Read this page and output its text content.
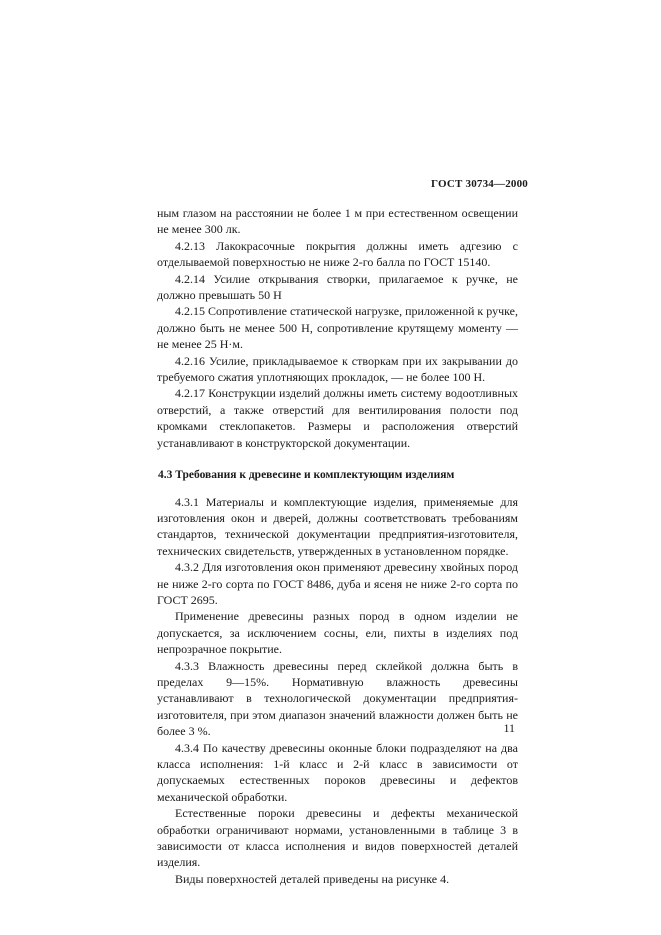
ГОСТ 30734—2000

ным глазом на расстоянии не более 1 м при естественном освещении не менее 300 лк.

4.2.13 Лакокрасочные покрытия должны иметь адгезию с отделываемой поверхностью не ниже 2-го балла по ГОСТ 15140.

4.2.14 Усилие открывания створки, прилагаемое к ручке, не должно превышать 50 Н

4.2.15 Сопротивление статической нагрузке, приложенной к ручке, должно быть не менее 500 Н, сопротивление крутящему моменту — не менее 25 Н·м.

4.2.16 Усилие, прикладываемое к створкам при их закрывании до требуемого сжатия уплотняющих прокладок, — не более 100 Н.

4.2.17 Конструкции изделий должны иметь систему водоотливных отверстий, а также отверстий для вентилирования полости под кромками стеклопакетов. Размеры и расположения отверстий устанавливают в конструкторской документации.

4.3 Требования к древесине и комплектующим изделиям

4.3.1 Материалы и комплектующие изделия, применяемые для изготовления окон и дверей, должны соответствовать требованиям стандартов, технической документации предприятия-изготовителя, технических свидетельств, утвержденных в установленном порядке.

4.3.2 Для изготовления окон применяют древесину хвойных пород не ниже 2-го сорта по ГОСТ 8486, дуба и ясеня не ниже 2-го сорта по ГОСТ 2695.

Применение древесины разных пород в одном изделии не допускается, за исключением сосны, ели, пихты в изделиях под непрозрачное покрытие.

4.3.3 Влажность древесины перед склейкой должна быть в пределах 9—15%. Нормативную влажность древесины устанавливают в технологической документации предприятия-изготовителя, при этом диапазон значений влажности должен быть не более 3 %.

4.3.4 По качеству древесины оконные блоки подразделяют на два класса исполнения: 1-й класс и 2-й класс в зависимости от допускаемых естественных пороков древесины и дефектов механической обработки.

Естественные пороки древесины и дефекты механической обработки ограничивают нормами, установленными в таблице 3 в зависимости от класса исполнения и видов поверхностей деталей изделия.

Виды поверхностей деталей приведены на рисунке 4.

11
